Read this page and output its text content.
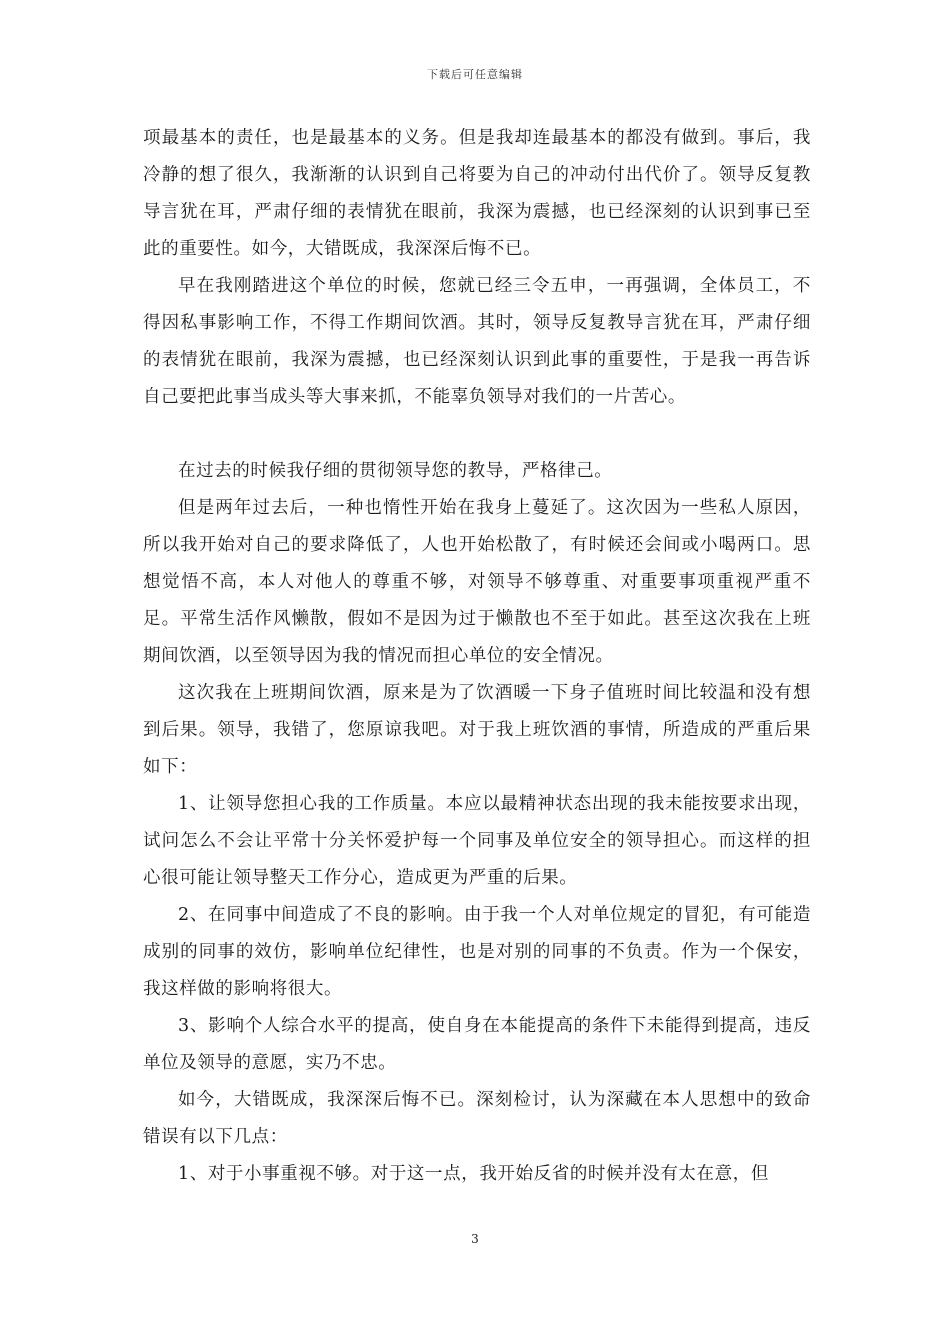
下载后可任意编辑

项最基本的责任，也是最基本的义务。但是我却连最基本的都没有做到。事后，我冷静的想了很久，我渐渐的认识到自己将要为自己的冲动付出代价了。领导反复教导言犹在耳，严肃仔细的表情犹在眼前，我深为震撼，也已经深刻的认识到事已至此的重要性。如今，大错既成，我深深后悔不已。

早在我刚踏进这个单位的时候，您就已经三令五申，一再强调，全体员工，不得因私事影响工作，不得工作期间饮酒。其时，领导反复教导言犹在耳，严肃仔细的表情犹在眼前，我深为震撼，也已经深刻认识到此事的重要性，于是我一再告诉自己要把此事当成头等大事来抓，不能辜负领导对我们的一片苦心。

在过去的时候我仔细的贯彻领导您的教导，严格律己。

但是两年过去后，一种也惰性开始在我身上蔓延了。这次因为一些私人原因，所以我开始对自己的要求降低了，人也开始松散了，有时候还会间或小喝两口。思想觉悟不高，本人对他人的尊重不够，对领导不够尊重、对重要事项重视严重不足。平常生活作风懒散，假如不是因为过于懒散也不至于如此。甚至这次我在上班期间饮酒，以至领导因为我的情况而担心单位的安全情况。

这次我在上班期间饮酒，原来是为了饮酒暖一下身子值班时间比较温和没有想到后果。领导，我错了，您原谅我吧。对于我上班饮酒的事情，所造成的严重后果如下：

1、让领导您担心我的工作质量。本应以最精神状态出现的我未能按要求出现，试问怎么不会让平常十分关怀爱护每一个同事及单位安全的领导担心。而这样的担心很可能让领导整天工作分心，造成更为严重的后果。

2、在同事中间造成了不良的影响。由于我一个人对单位规定的冒犯，有可能造成别的同事的效仿，影响单位纪律性，也是对别的同事的不负责。作为一个保安，我这样做的影响将很大。

3、影响个人综合水平的提高，使自身在本能提高的条件下未能得到提高，违反单位及领导的意愿，实乃不忠。

如今，大错既成，我深深后悔不已。深刻检讨，认为深藏在本人思想中的致命错误有以下几点：

1、对于小事重视不够。对于这一点，我开始反省的时候并没有太在意，但

3
